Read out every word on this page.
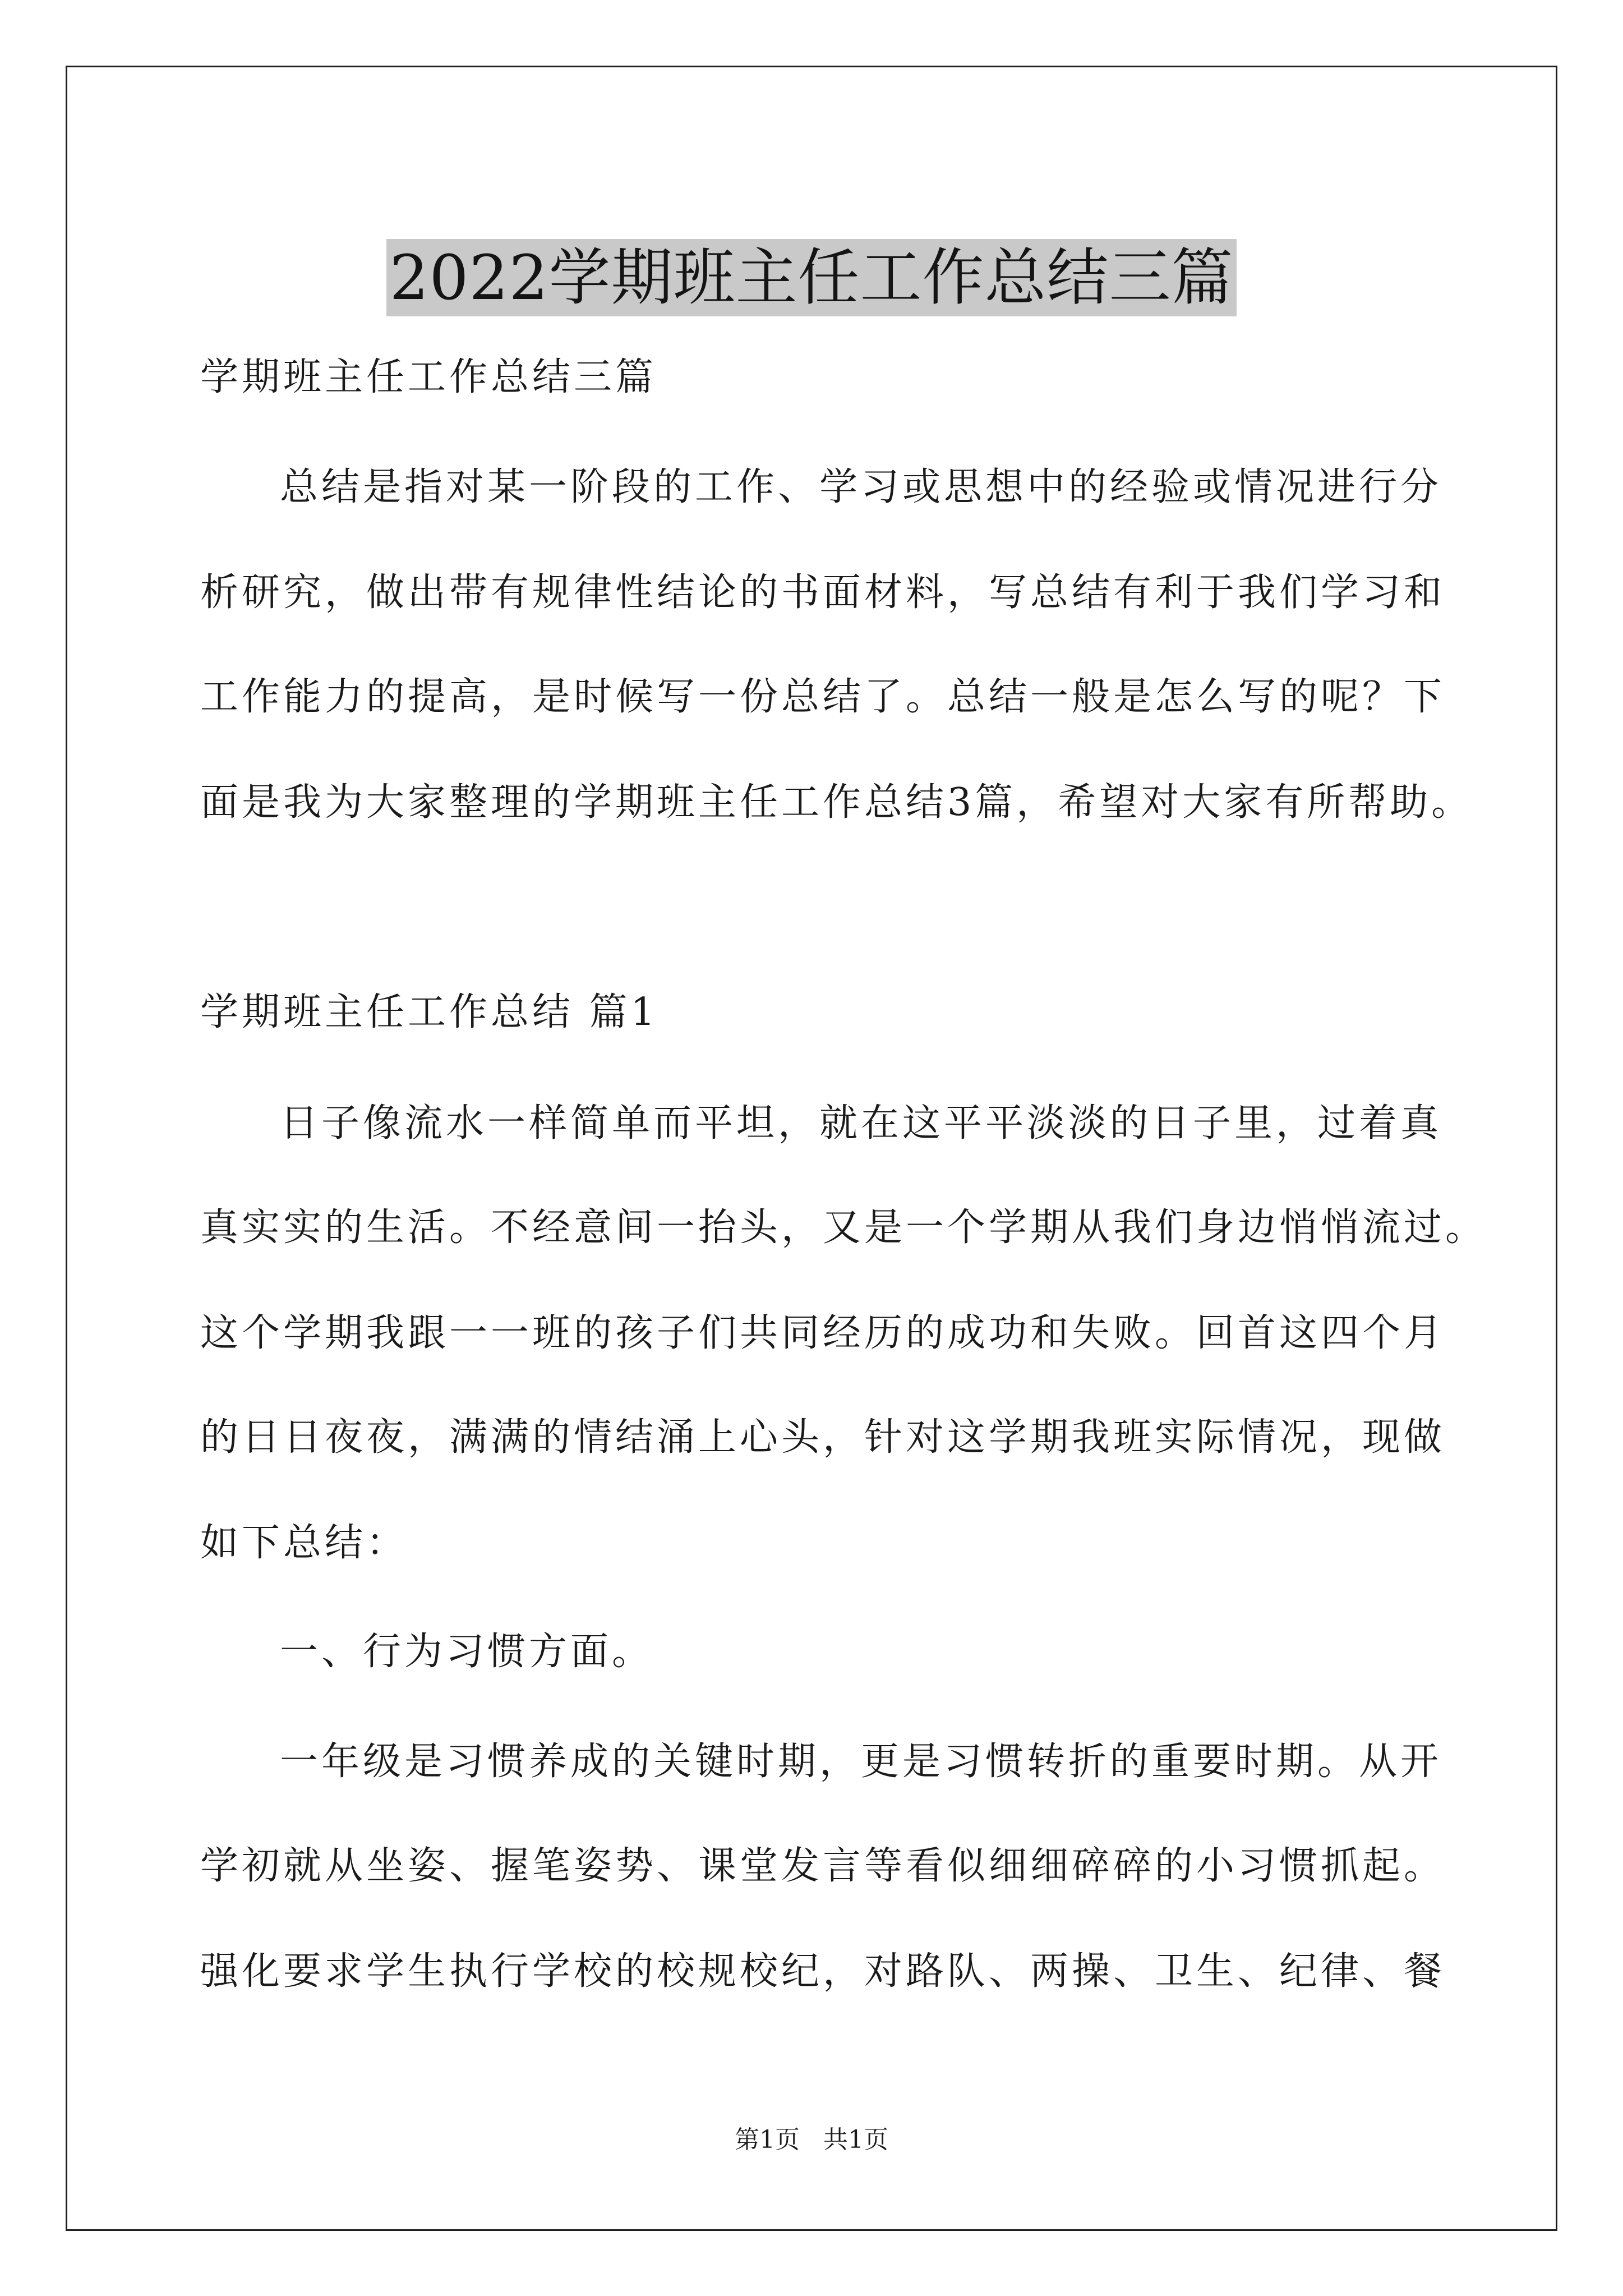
2022学期班主任工作总结三篇
学期班主任工作总结三篇
总结是指对某一阶段的工作、学习或思想中的经验或情况进行分
析研究，做出带有规律性结论的书面材料，写总结有利于我们学习和
工作能力的提高，是时候写一份总结了。总结一般是怎么写的呢？下
面是我为大家整理的学期班主任工作总结3篇，希望对大家有所帮助。
学期班主任工作总结 篇1
日子像流水一样简单而平坦，就在这平平淡淡的日子里，过着真
真实实的生活。不经意间一抬头，又是一个学期从我们身边悄悄流过。
这个学期我跟一一班的孩子们共同经历的成功和失败。回首这四个月
的日日夜夜，满满的情结涌上心头，针对这学期我班实际情况，现做
如下总结：
一、行为习惯方面。
一年级是习惯养成的关键时期，更是习惯转折的重要时期。从开
学初就从坐姿、握笔姿势、课堂发言等看似细细碎碎的小习惯抓起。
强化要求学生执行学校的校规校纪，对路队、两操、卫生、纪律、餐
第1页   共1页
